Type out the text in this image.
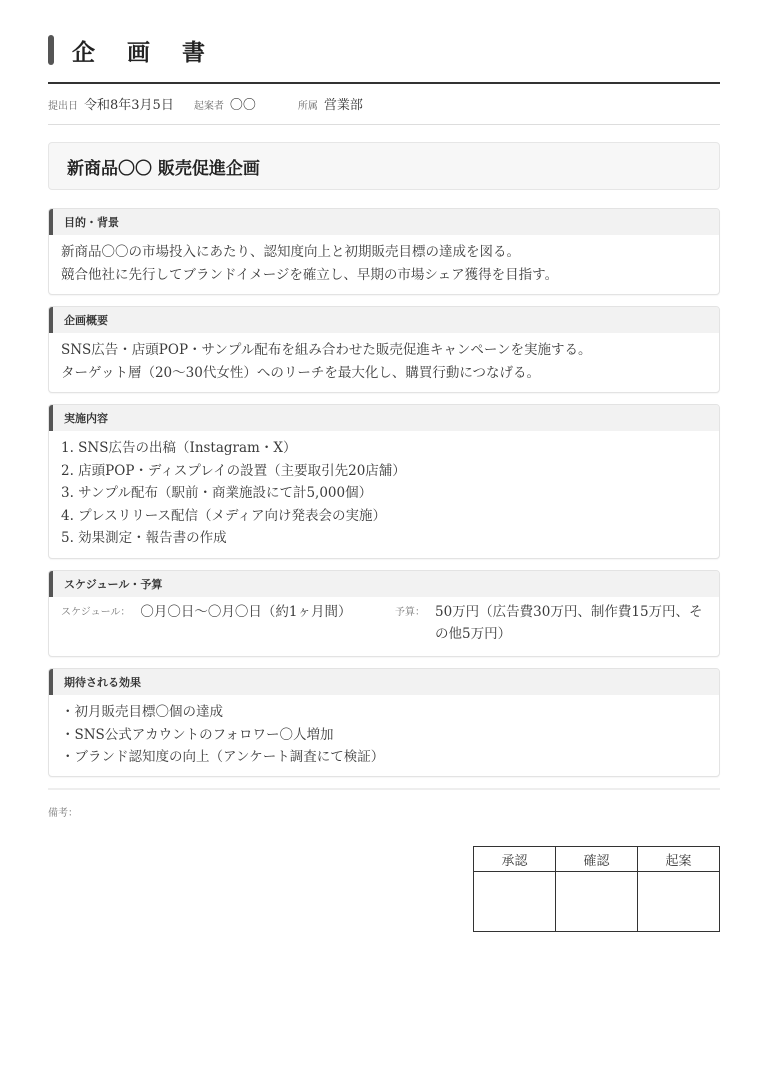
企 画 書
提出日 令和8年3月5日 起案者 〇〇	所属 営業部
新商品〇〇 販売促進企画
目的・背景
新商品〇〇の市場投入にあたり、認知度向上と初期販売目標の達成を図る。
競合他社に先行してブランドイメージを確立し、早期の市場シェア獲得を目指す。
企画概要
SNS広告・店頭POP・サンプル配布を組み合わせた販売促進キャンペーンを実施する。
ターゲット層（20〜30代女性）へのリーチを最大化し、購買行動につなげる。
実施内容
1. SNS広告の出稿（Instagram・X）
2. 店頭POP・ディスプレイの設置（主要取引先20店舗）
3. サンプル配布（駅前・商業施設にて計5,000個）
4. プレスリリース配信（メディア向け発表会の実施）
5. 効果測定・報告書の作成
スケジュール・予算
スケジュール： 〇月〇日〜〇月〇日（約1ヶ月間）	予算： 50万円（広告費30万円、制作費15万円、そ
の他5万円）
期待される効果
・初月販売目標〇個の達成
・SNS公式アカウントのフォロワー〇人増加
・ブランド認知度の向上（アンケート調査にて検証）
備考：
承認	確認	起案
